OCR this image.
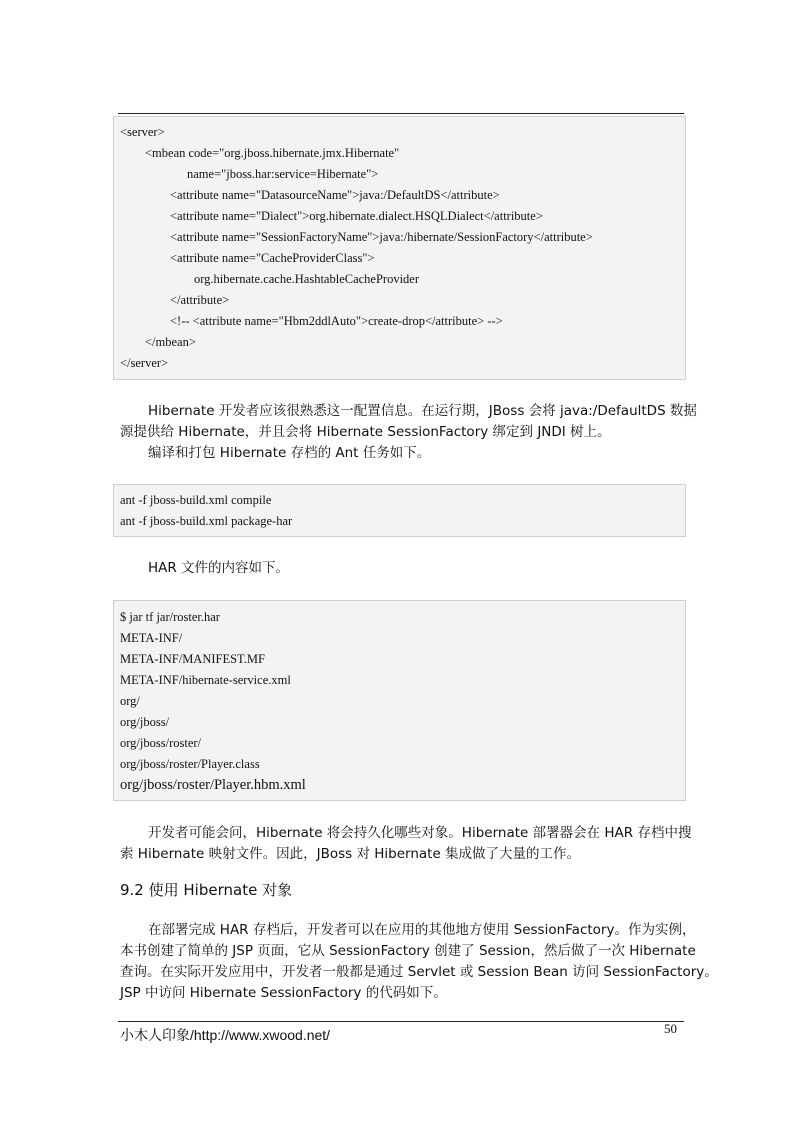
<server>
<mbean code="org.jboss.hibernate.jmx.Hibernate"
name="jboss.har:service=Hibernate">
<attribute name="DatasourceName">java:/DefaultDS</attribute>
<attribute name="Dialect">org.hibernate.dialect.HSQLDialect</attribute>
<attribute name="SessionFactoryName">java:/hibernate/SessionFactory</attribute>
<attribute name="CacheProviderClass">
org.hibernate.cache.HashtableCacheProvider
</attribute>
<!-- <attribute name="Hbm2ddlAuto">create-drop</attribute> -->
</mbean>
</server>
Hibernate 开发者应该很熟悉这一配置信息。在运行期，JBoss 会将 java:/DefaultDS 数据
源提供给 Hibernate，并且会将 Hibernate SessionFactory 绑定到 JNDI 树上。
编译和打包 Hibernate 存档的 Ant 任务如下。
ant -f jboss-build.xml compile
ant -f jboss-build.xml package-har
HAR 文件的内容如下。
$ jar tf jar/roster.har
META-INF/
META-INF/MANIFEST.MF
META-INF/hibernate-service.xml
org/
org/jboss/
org/jboss/roster/
org/jboss/roster/Player.class
org/jboss/roster/Player.hbm.xml
开发者可能会问，Hibernate 将会持久化哪些对象。Hibernate 部署器会在 HAR 存档中搜
索 Hibernate 映射文件。因此，JBoss 对 Hibernate 集成做了大量的工作。
9.2 使用 Hibernate 对象
在部署完成 HAR 存档后，开发者可以在应用的其他地方使用 SessionFactory。作为实例，
本书创建了简单的 JSP 页面，它从 SessionFactory 创建了 Session，然后做了一次 Hibernate
查询。在实际开发应用中，开发者一般都是通过 Servlet 或 Session Bean 访问 SessionFactory。
JSP 中访问 Hibernate SessionFactory 的代码如下。
小木人印象/http://www.xwood.net/	50
